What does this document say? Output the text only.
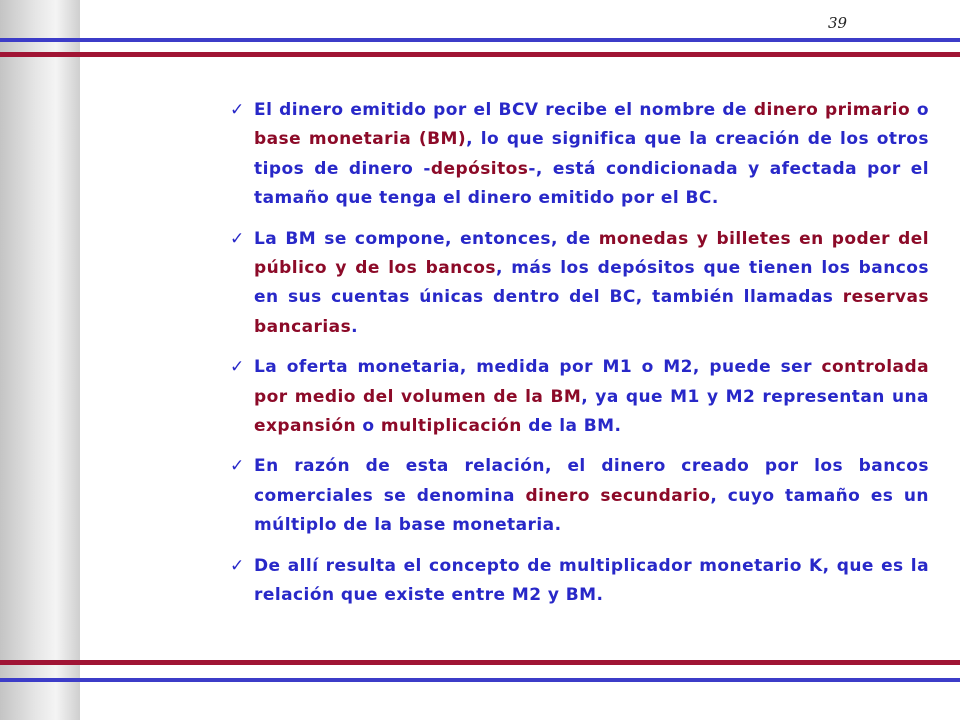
39
✓ El dinero emitido por el BCV recibe el nombre de dinero primario o base monetaria (BM), lo que significa que la creación de los otros tipos de dinero -depósitos-, está condicionada y afectada por el tamaño que tenga el dinero emitido por el BC.
✓ La BM se compone, entonces, de monedas y billetes en poder del público y de los bancos, más los depósitos que tienen los bancos en sus cuentas únicas dentro del BC, también llamadas reservas bancarias.
✓ La oferta monetaria, medida por M1 o M2, puede ser controlada por medio del volumen de la BM, ya que M1 y M2 representan una expansión o multiplicación de la BM.
✓ En razón de esta relación, el dinero creado por los bancos comerciales se denomina dinero secundario, cuyo tamaño es un múltiplo de la base monetaria.
✓ De allí resulta el concepto de multiplicador monetario K, que es la relación que existe entre M2 y BM.
